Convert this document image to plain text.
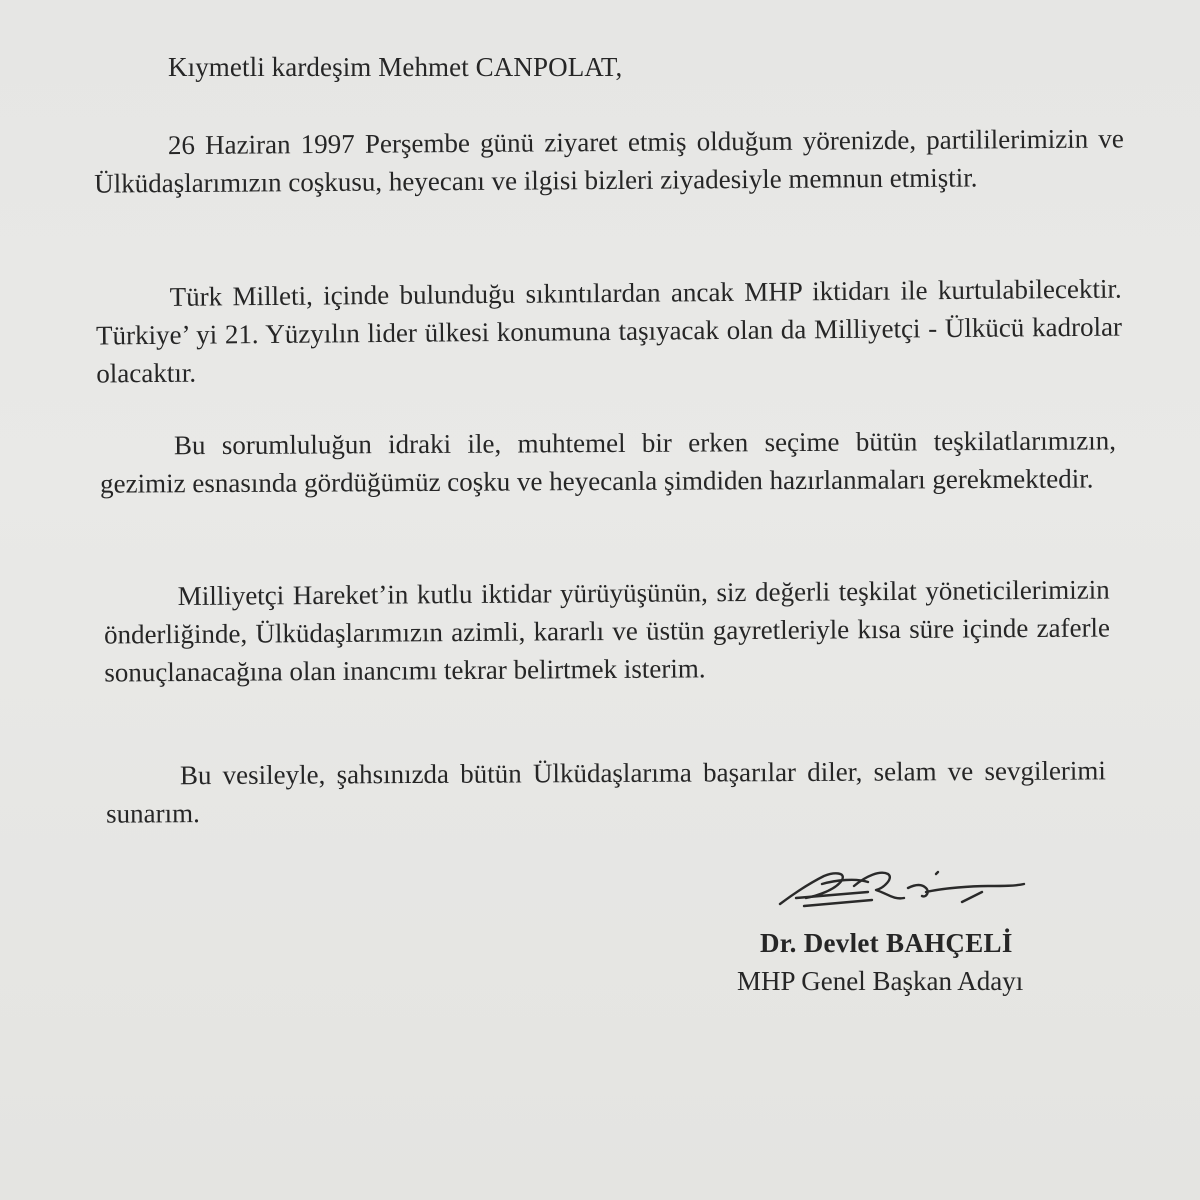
Kıymetli kardeşim Mehmet CANPOLAT,

26 Haziran 1997 Perşembe günü ziyaret etmiş olduğum yörenizde, partililerimizin ve Ülküdaşlarımızın coşkusu, heyecanı ve ilgisi bizleri ziyadesiyle memnun etmiştir.

Türk Milleti, içinde bulunduğu sıkıntılardan ancak MHP iktidarı ile kurtulabilecektir. Türkiye’ yi 21. Yüzyılın lider ülkesi konumuna taşıyacak olan da Milliyetçi - Ülkücü kadrolar olacaktır.

Bu sorumluluğun idraki ile, muhtemel bir erken seçime bütün teşkilatlarımızın, gezimiz esnasında gördüğümüz coşku ve heyecanla şimdiden hazırlanmaları gerekmektedir.

Milliyetçi Hareket’in kutlu iktidar yürüyüşünün, siz değerli teşkilat yöneticilerimizin önderliğinde, Ülküdaşlarımızın azimli, kararlı ve üstün gayretleriyle kısa süre içinde zaferle sonuçlanacağına olan inancımı tekrar belirtmek isterim.

Bu vesileyle, şahsınızda bütün Ülküdaşlarıma başarılar diler, selam ve sevgilerimi sunarım.

Dr. Devlet BAHÇELİ
MHP Genel Başkan Adayı
